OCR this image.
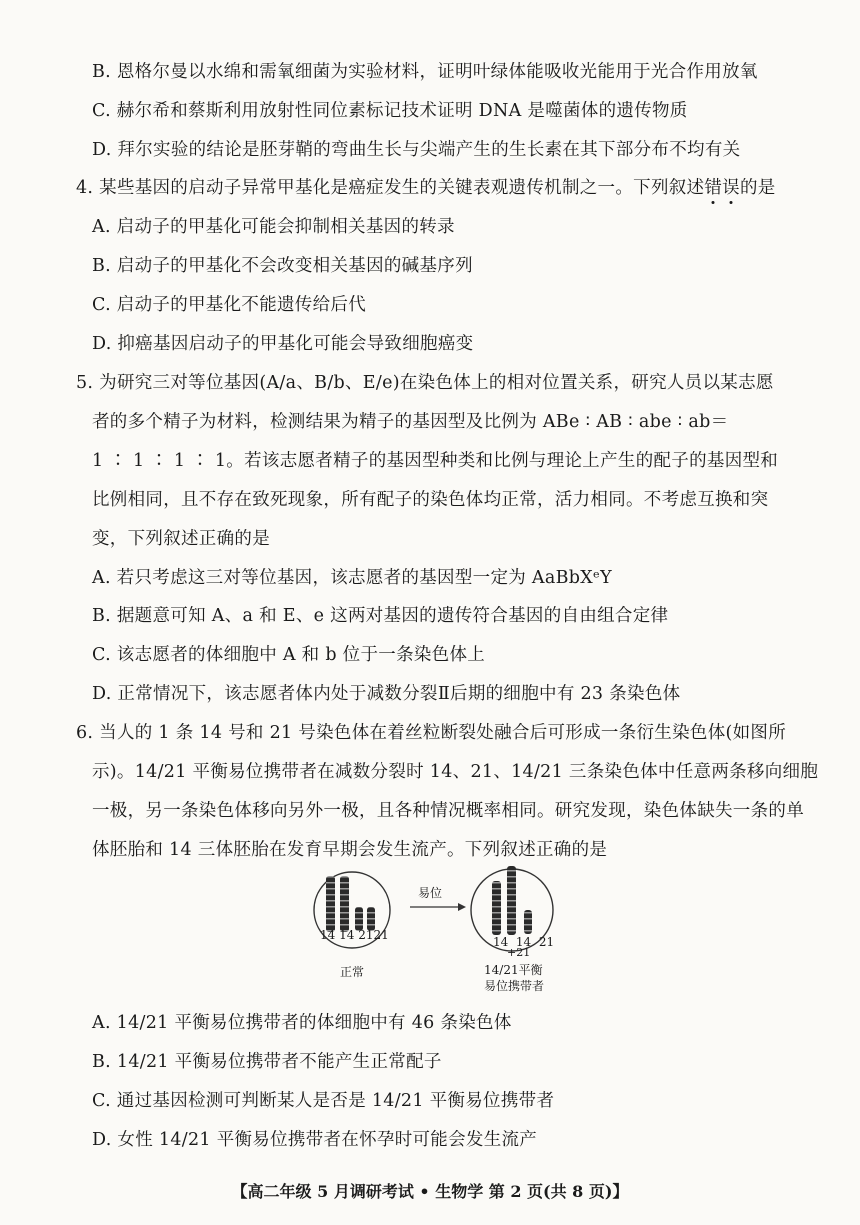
B. 恩格尔曼以水绵和需氧细菌为实验材料，证明叶绿体能吸收光能用于光合作用放氧
C. 赫尔希和蔡斯利用放射性同位素标记技术证明 DNA 是噬菌体的遗传物质
D. 拜尔实验的结论是胚芽鞘的弯曲生长与尖端产生的生长素在其下部分布不均有关
4. 某些基因的启动子异常甲基化是癌症发生的关键表观遗传机制之一。下列叙述错误
的是
A. 启动子的甲基化可能会抑制相关基因的转录
B. 启动子的甲基化不会改变相关基因的碱基序列
C. 启动子的甲基化不能遗传给后代
D. 抑癌基因启动子的甲基化可能会导致细胞癌变
5. 为研究三对等位基因(A/a、B/b、E/e)在染色体上的相对位置关系，研究人员以某志愿
者的多个精子为材料，检测结果为精子的基因型及比例为 ABe ∶ AB ∶ abe ∶ ab＝
1 ∶ 1 ∶ 1 ∶ 1。若该志愿者精子的基因型种类和比例与理论上产生的配子的基因型和
比例相同，且不存在致死现象，所有配子的染色体均正常，活力相同。不考虑互换和突
变，下列叙述正确的是
A. 若只考虑这三对等位基因，该志愿者的基因型一定为 AaBbXᵉY
B. 据题意可知 A、a 和 E、e 这两对基因的遗传符合基因的自由组合定律
C. 该志愿者的体细胞中 A 和 b 位于一条染色体上
D. 正常情况下，该志愿者体内处于减数分裂Ⅱ后期的细胞中有 23 条染色体
6. 当人的 1 条 14 号和 21 号染色体在着丝粒断裂处融合后可形成一条衍生染色体(如图所
示)。14/21 平衡易位携带者在减数分裂时 14、21、14/21 三条染色体中任意两条移向细胞
一极，另一条染色体移向另外一极，且各种情况概率相同。研究发现，染色体缺失一条的单
体胚胎和 14 三体胚胎在发育早期会发生流产。下列叙述正确的是
14 14 2121	14 14 21
+21
易位
正常	14/21平衡
易位携带者
A. 14/21 平衡易位携带者的体细胞中有 46 条染色体
B. 14/21 平衡易位携带者不能产生正常配子
C. 通过基因检测可判断某人是否是 14/21 平衡易位携带者
D. 女性 14/21 平衡易位携带者在怀孕时可能会发生流产
【高二年级 5 月调研考试 • 生物学 第 2 页(共 8 页)】
